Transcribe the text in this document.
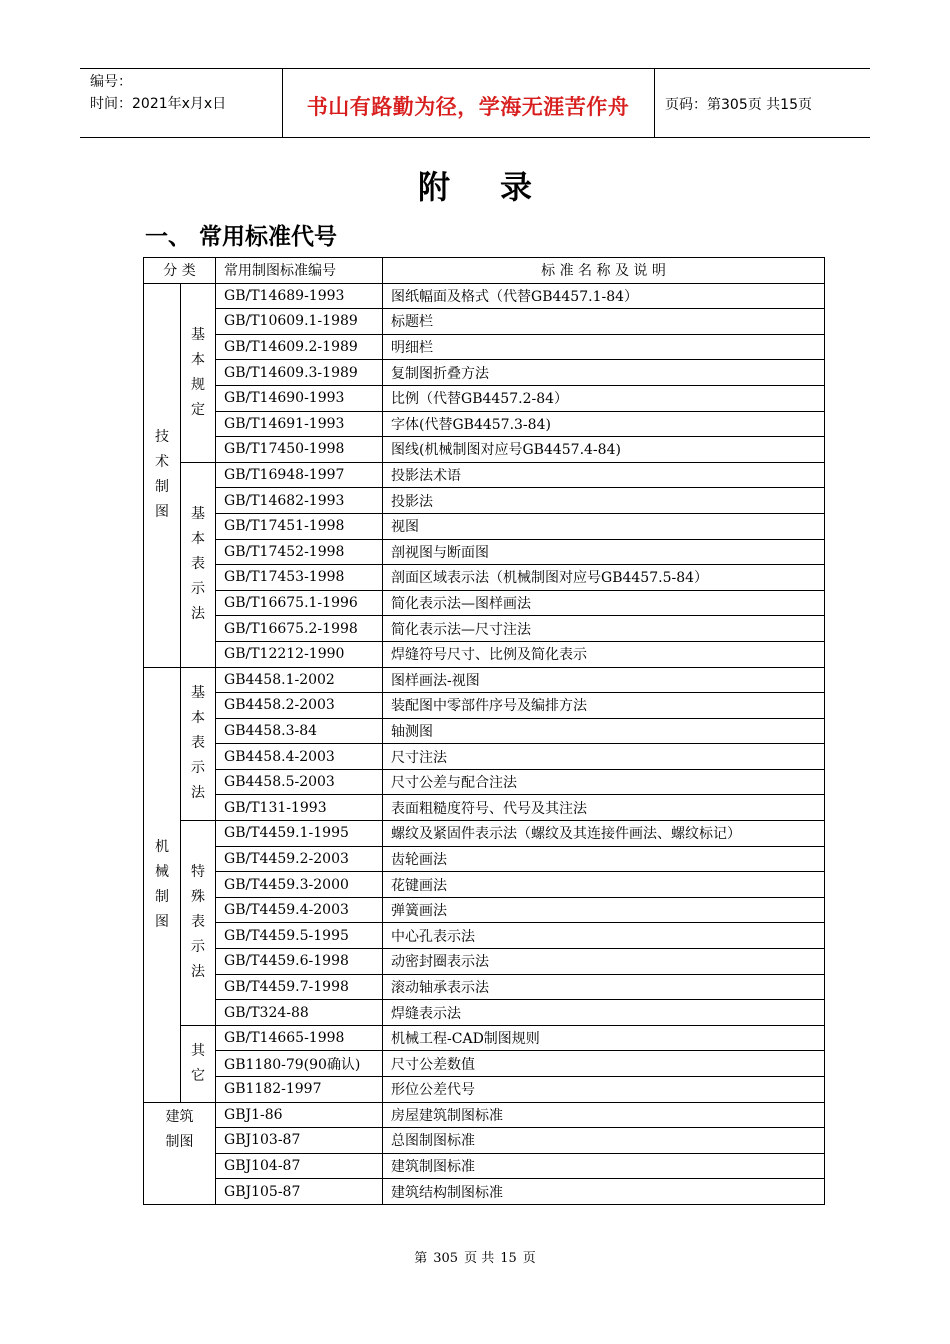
编号：
时间：2021年x月x日	书山有路勤为径，学海无涯苦作舟	页码：第305页 共15页
附录
一、 常用标准代号
分 类		常用制图标准编号	标 准 名 称 及 说 明
技术制图	基本规定	GB/T14689-1993	图纸幅面及格式（代替GB4457.1-84）
		GB/T10609.1-1989	标题栏
		GB/T14609.2-1989	明细栏
		GB/T14609.3-1989	复制图折叠方法
		GB/T14690-1993	比例（代替GB4457.2-84）
		GB/T14691-1993	字体(代替GB4457.3-84)
		GB/T17450-1998	图线(机械制图对应号GB4457.4-84)
	基本表示法	GB/T16948-1997	投影法术语
		GB/T14682-1993	投影法
		GB/T17451-1998	视图
		GB/T17452-1998	剖视图与断面图
		GB/T17453-1998	剖面区域表示法（机械制图对应号GB4457.5-84）
		GB/T16675.1-1996	简化表示法—图样画法
		GB/T16675.2-1998	简化表示法—尺寸注法
		GB/T12212-1990	焊缝符号尺寸、比例及简化表示
机械制图	基本表示法	GB4458.1-2002	图样画法-视图
		GB4458.2-2003	装配图中零部件序号及编排方法
		GB4458.3-84	轴测图
		GB4458.4-2003	尺寸注法
		GB4458.5-2003	尺寸公差与配合注法
		GB/T131-1993	表面粗糙度符号、代号及其注法
	特殊表示法	GB/T4459.1-1995	螺纹及紧固件表示法（螺纹及其连接件画法、螺纹标记）
		GB/T4459.2-2003	齿轮画法
		GB/T4459.3-2000	花键画法
		GB/T4459.4-2003	弹簧画法
		GB/T4459.5-1995	中心孔表示法
		GB/T4459.6-1998	动密封圈表示法
		GB/T4459.7-1998	滚动轴承表示法
		GB/T324-88	焊缝表示法
	其它	GB/T14665-1998	机械工程-CAD制图规则
		GB1180-79(90确认)	尺寸公差数值
		GB1182-1997	形位公差代号
建筑制图		GBJ1-86	房屋建筑制图标准
		GBJ103-87	总图制图标准
		GBJ104-87	建筑制图标准
		GBJ105-87	建筑结构制图标准
第 305 页 共 15 页
